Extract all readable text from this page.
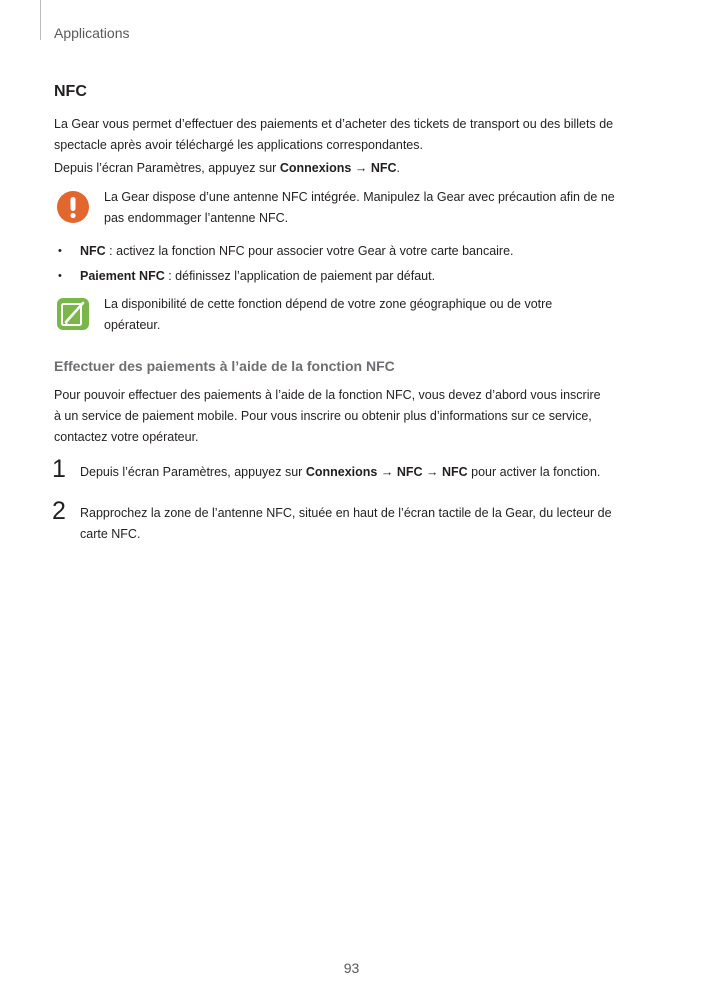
Applications
NFC
La Gear vous permet d’effectuer des paiements et d’acheter des tickets de transport ou des billets de
spectacle après avoir téléchargé les applications correspondantes.
Depuis l’écran Paramètres, appuyez sur Connexions → NFC.
La Gear dispose d’une antenne NFC intégrée. Manipulez la Gear avec précaution afin de ne
pas endommager l’antenne NFC.
• NFC : activez la fonction NFC pour associer votre Gear à votre carte bancaire.
• Paiement NFC : définissez l’application de paiement par défaut.
La disponibilité de cette fonction dépend de votre zone géographique ou de votre
opérateur.
Effectuer des paiements à l’aide de la fonction NFC
Pour pouvoir effectuer des paiements à l’aide de la fonction NFC, vous devez d’abord vous inscrire
à un service de paiement mobile. Pour vous inscrire ou obtenir plus d’informations sur ce service,
contactez votre opérateur.
1 Depuis l’écran Paramètres, appuyez sur Connexions → NFC → NFC pour activer la fonction.
2 Rapprochez la zone de l’antenne NFC, située en haut de l’écran tactile de la Gear, du lecteur de
carte NFC.
93
